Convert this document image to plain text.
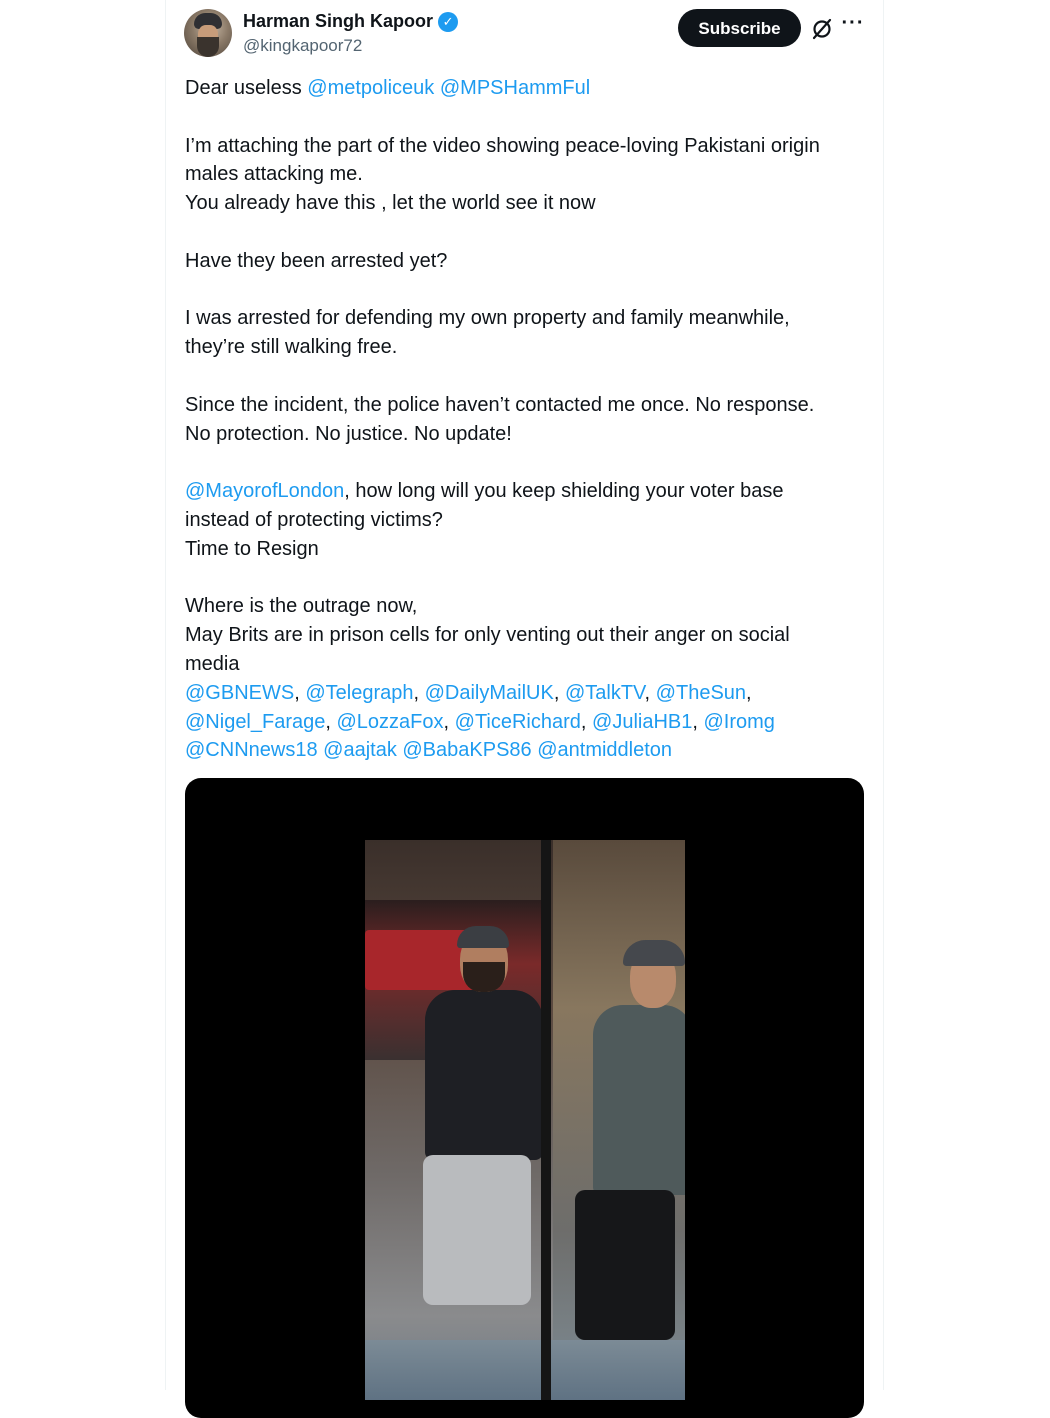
Harman Singh Kapoor ✓
@kingkapoor72
Subscribe	···

Dear useless @metpoliceuk @MPSHammFul

I’m attaching the part of the video showing peace-loving Pakistani origin

males attacking me.

You already have this , let the world see it now

Have they been arrested yet?

I was arrested for defending my own property and family meanwhile,

they’re still walking free.

Since the incident, the police haven’t contacted me once. No response.

No protection. No justice. No update!

@MayorofLondon, how long will you keep shielding your voter base

instead of protecting victims?

Time to Resign

Where is the outrage now,

May Brits are in prison cells for only venting out their anger on social

media

@GBNEWS, @Telegraph, @DailyMailUK, @TalkTV, @TheSun,

@Nigel_Farage, @LozzaFox, @TiceRichard, @JuliaHB1, @Iromg

@CNNnews18 @aajtak @BabaKPS86 @antmiddleton
